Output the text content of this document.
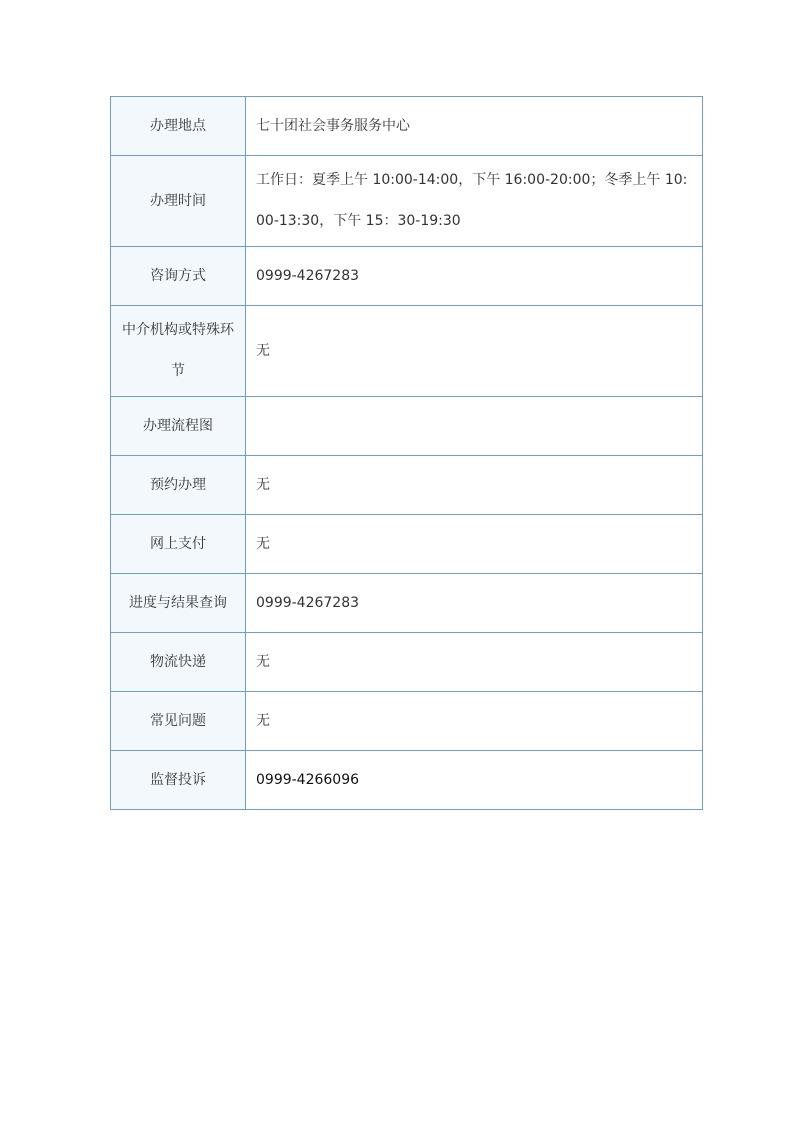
办理地点	七十团社会事务服务中心
办理时间	工作日：夏季上午 10:00-14:00，下午 16:00-20:00；冬季上午 10:00-13:30，下午 15：30-19:30
咨询方式	0999-4267283
中介机构或特殊环节	无
办理流程图	
预约办理	无
网上支付	无
进度与结果查询	0999-4267283
物流快递	无
常见问题	无
监督投诉	0999-4266096
